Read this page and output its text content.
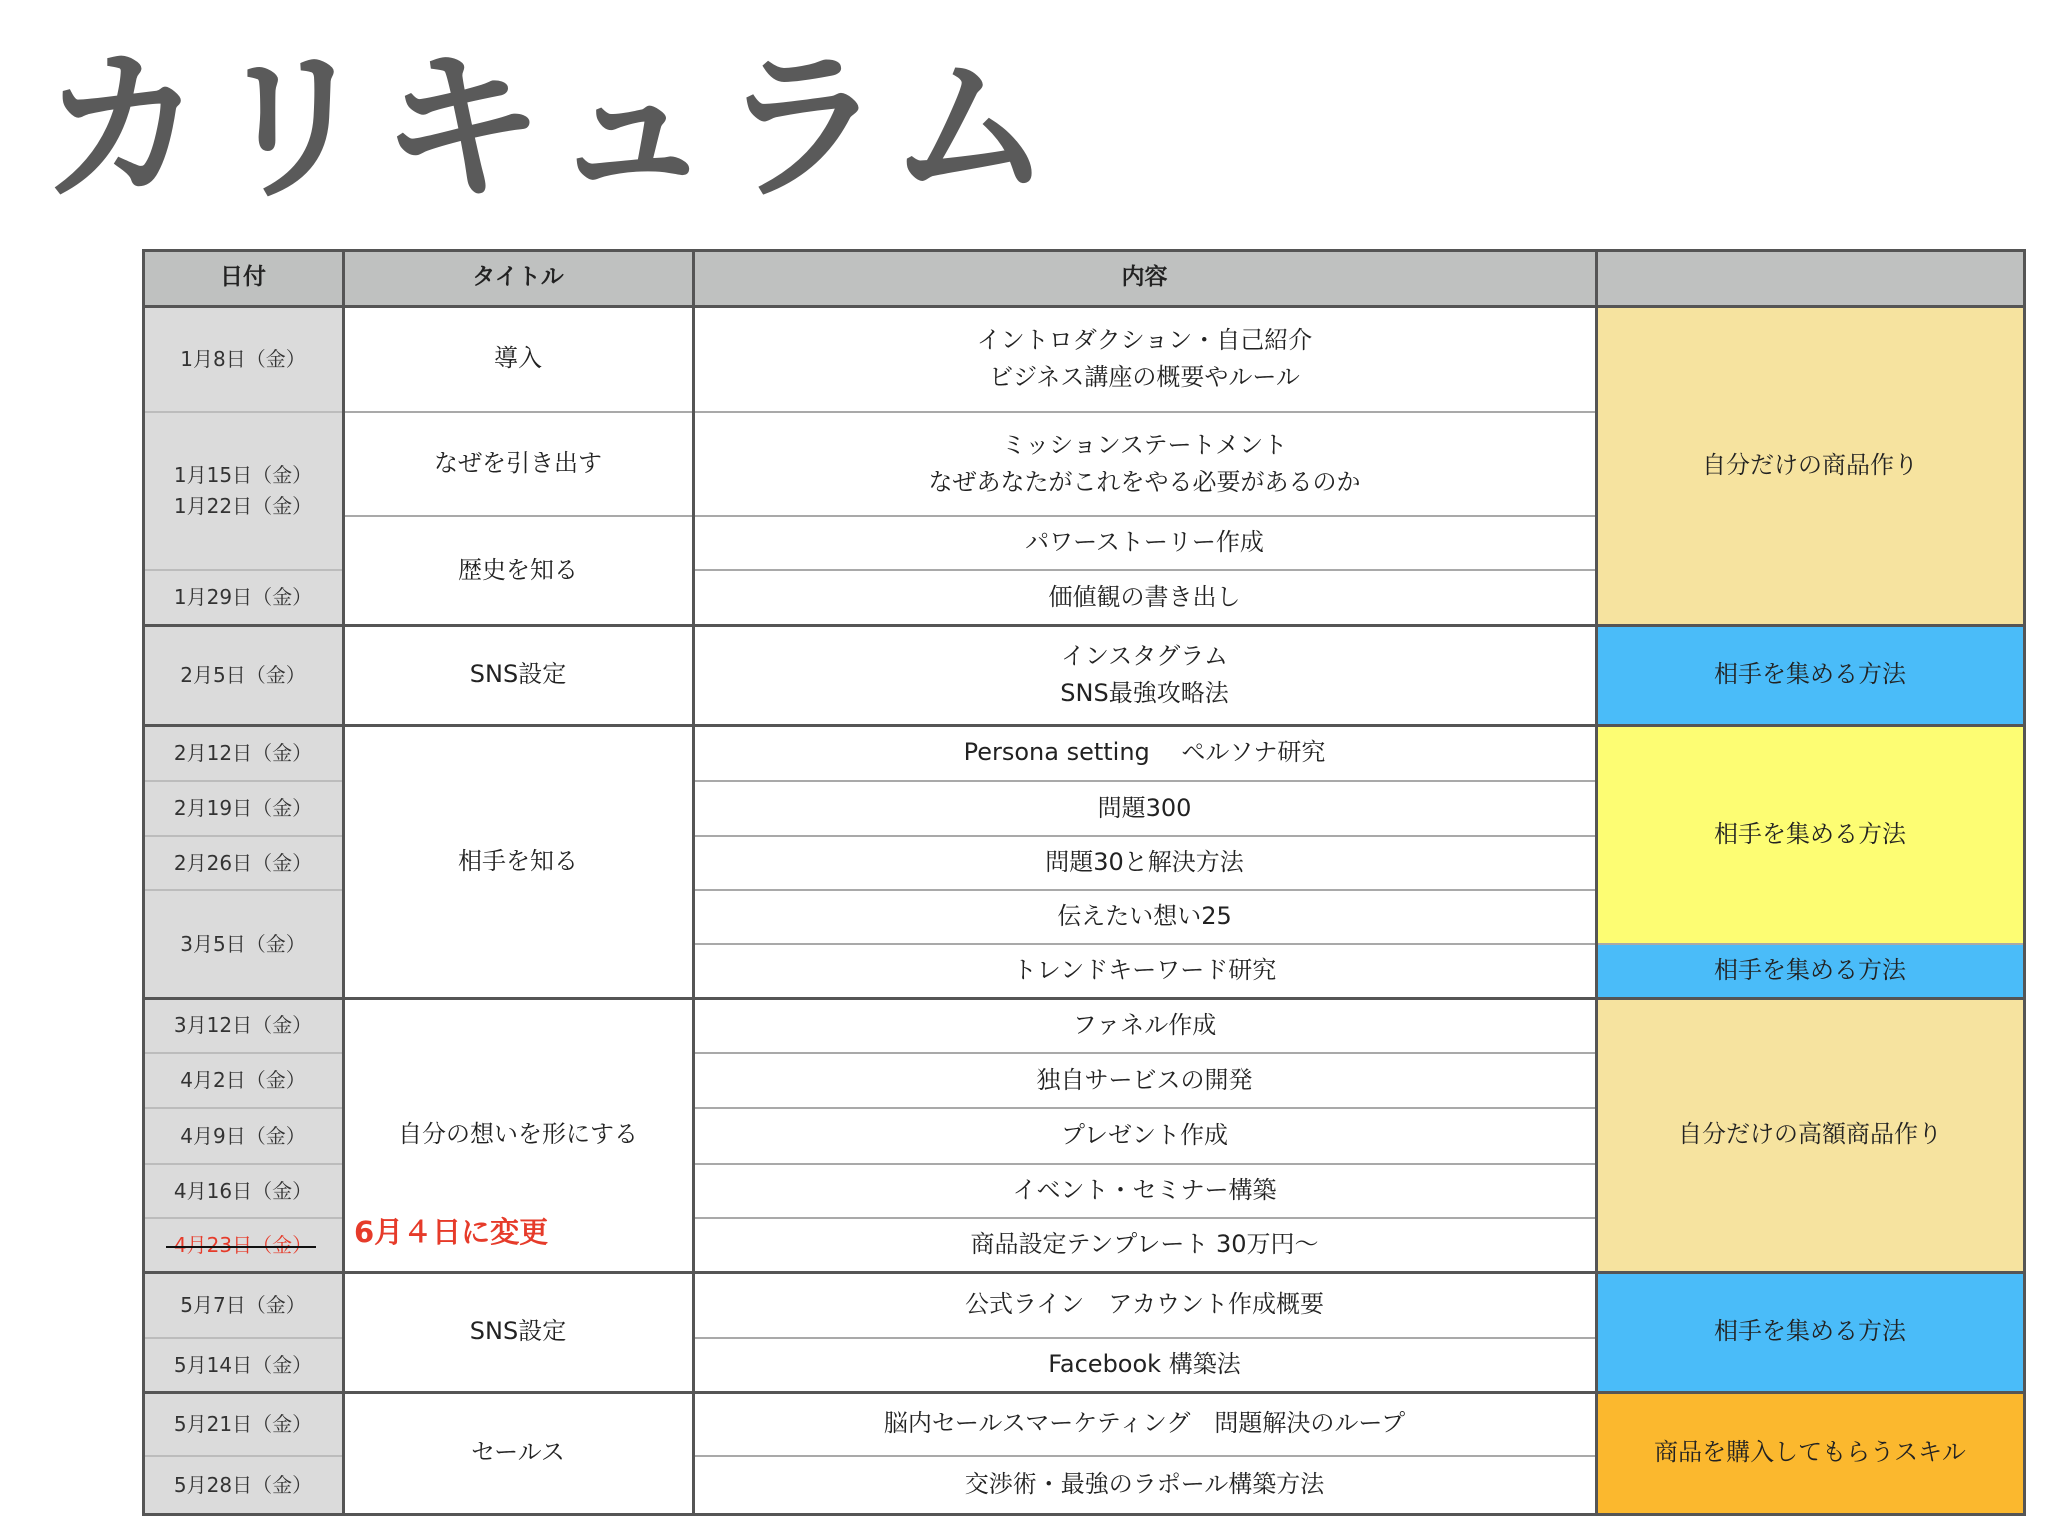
カリキュラム
日付	タイトル	内容
1月8日（金）
1月15日（金）
1月22日（金）
1月29日（金）
2月5日（金）
2月12日（金）
2月19日（金）
2月26日（金）
3月5日（金）
3月12日（金）
4月2日（金）
4月9日（金）
4月16日（金）
4月23日（金）
5月7日（金）
5月14日（金）
5月21日（金）
5月28日（金）
導入
なぜを引き出す
歴史を知る
SNS設定
相手を知る
自分の想いを形にする
SNS設定
セールス
イントロダクション・自己紹介
ビジネス講座の概要やルール
ミッションステートメント
なぜあなたがこれをやる必要があるのか
パワーストーリー作成
価値観の書き出し
インスタグラム
SNS最強攻略法
Persona setting　 ペルソナ研究
問題300
問題30と解決方法
伝えたい想い25
トレンドキーワード研究
ファネル作成
独自サービスの開発
プレゼント作成
イベント・セミナー構築
商品設定テンプレート 30万円〜
公式ライン　アカウント作成概要
Facebook 構築法
脳内セールスマーケティング　問題解決のループ
交渉術・最強のラポール構築方法
自分だけの商品作り
相手を集める方法
相手を集める方法
相手を集める方法
自分だけの高額商品作り
相手を集める方法
商品を購入してもらうスキル
6月４日に変更
